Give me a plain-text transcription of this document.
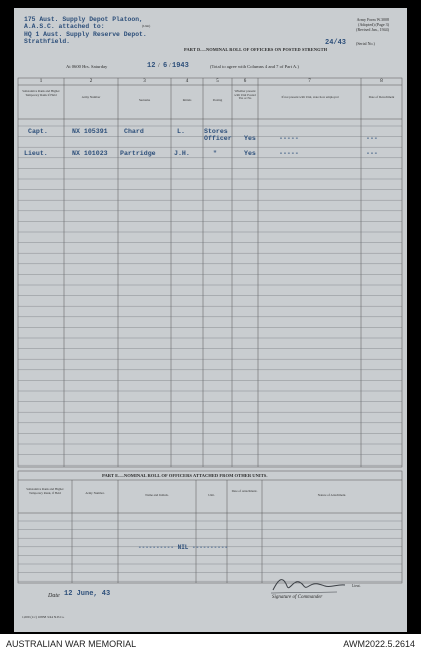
175 Aust. Supply Depot Platoon,
A.A.S.C. attached to:
HQ 1 Aust. Supply Reserve Depot.
Strathfield.
(Unit)
Army Form W.3008
(Adopted) (Page 3)
(Revised Jan., 1944)
24/43 (Serial No.)
PART D.—NOMINAL ROLL OF OFFICERS ON POSTED STRENGTH
At 0600 Hrs. Saturday	12 / 6 / 1943	(Total to agree with Columns 4 and 7 of Part A.)
1	2	3	4	5	6	7	8
Substantive Rank and Higher Temporary Rank if Held
Army Number
Surname	Initials	Posting
Whether present with Unit Posted Yes or No	If not present with Unit, state how employed	Date of Detachment
Capt.	NX 105391 Chard	L.	Stores Officer Yes	-----	---
Lieut.	NX 101023 Partridge	J.H.	"	Yes	-----	---
PART E.—NOMINAL ROLL OF OFFICERS ATTACHED FROM OTHER UNITS.
Substantive Rank and Higher Temporary Rank, if Held	Army Number.	Name and Initials.	Unit.
Date of Attachment.
Nature of Attachment.
---------- NIL ----------
Date 12 June, 43
Lieut.
Signature of Commander
1,000 (1/c) 10858 3/44 N.P.Co.
AUSTRALIAN WAR MEMORIAL	AWM2022.5.2614
